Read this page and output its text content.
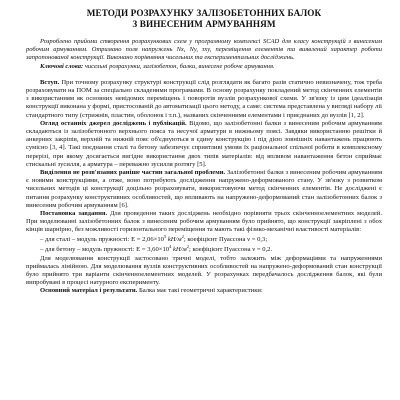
МЕТОДИ РОЗРАХУНКУ ЗАЛІЗОБЕТОННИХ БАЛОК
З ВИНЕСЕНИМ АРМУВАННЯМ

Розроблено прийоми створення розрахункових схем у програмному комплексі SCAD для класу конструкцій з винесеним робочим армуванням. Отримано поля напружень Nx, Ny, τxy, переміщення елементів та виявлений характер роботи запропонованої конструкції. Виконано порівняння чисельних та експериментальних досліджень.

Ключові слова: чисельні розрахунки, залізобетон, балки, винесене робоче армування.

Вступ. При точному розрахунку структурі конструкції слід розглядати як багато разів статично невизначену, тож треба розраховувати на ПОМ за спеціально складеними програмами. В основу розрахунку покладений метод скінченних елементів з використанням як основних невідомих переміщень і поворотів вузлів розрахункової схеми. У зв'язку із цим ідеалізація конструкції виконана у формі, пристосованій до автоматизації цього методу, а саме: система представлена у вигляді набору ліі стандартного типу (стрижнів, пластин, оболонок і т.п.), названих скінченними елементами і приєднаних до вузлів [1, 2].

Огляд останніх джерел досліджень і публікацій. Відомо, що залізобетонні балки з винесеним робочим армуванням складаються із залізобетонного верхнього пояса та несучої арматури в нижньому поясі. Завдяки використанню решітки й анкерних закріпів, верхній та нижній пояс об'єднуються в єдину конструкцію і під дією зовнішніх навантажень працюють сумісно [3, 4]. Такі поєднання сталі та бетону забезпечує сприятливі умови їх раціональної спільної роботи в комплексному перерізі, при якому досягається вигідне використання двох типів матеріалів: від впливом навантаження бетон сприймає стискальні зусилля, а арматура – переважно зусилля розтягу [5].

Виділення не розв'язаних раніше частин загальної проблеми. Залізобетонні балки з винесеним робочим армуванням є новими конструкціями, а отже, воно потребують дослідження напружено-деформованого стану. У зв'язку з розвитком чисельних методів ці конструкції доцільно розраховувати, використовуючи метод скінченних елементів. Не досліджені є питання розрахунку конструктивних особливостей, що впливають на напружено-деформований стан залізобетонних балок з винесеним робочим армуванням [6].

Постановка завдання. Для проведення таких досліджень необхідно порівняти трьох скінченноелементних моделей. При моделюванні залізобетонних балок з винесеним робочим армуванням було прийнято, що конструкції закріплені з обох кінців шарнірно, без можливості горизонтального переміщення та мають такі фізико-механічні властивості матеріалів:

– для сталі – модуль пружності: $E = 2,06\times 10^5$ $kH/м^2$; коефіцієнт Пуассона ν = 0,3;

– для бетону – модуль пружності: $E = 3,60\times 10^4$ $kH/м^2$; коефіцієнт Пуассона ν = 0,2.

Для моделювання конструкції застосовано тричні моделі, тобто залежить між деформаціями та напруженнями приймалась лінійною. Для моделювання вузлів конструктивних особливостей на напружено-деформований стан конструкції було прийнято три варіанти скінченноелементних моделей. У розрахунках передбачалось дослідження балок, які були випробувані в процесі натурного експерименту.

Основний матеріал і результати. Балка має такі геометричні характеристики:
